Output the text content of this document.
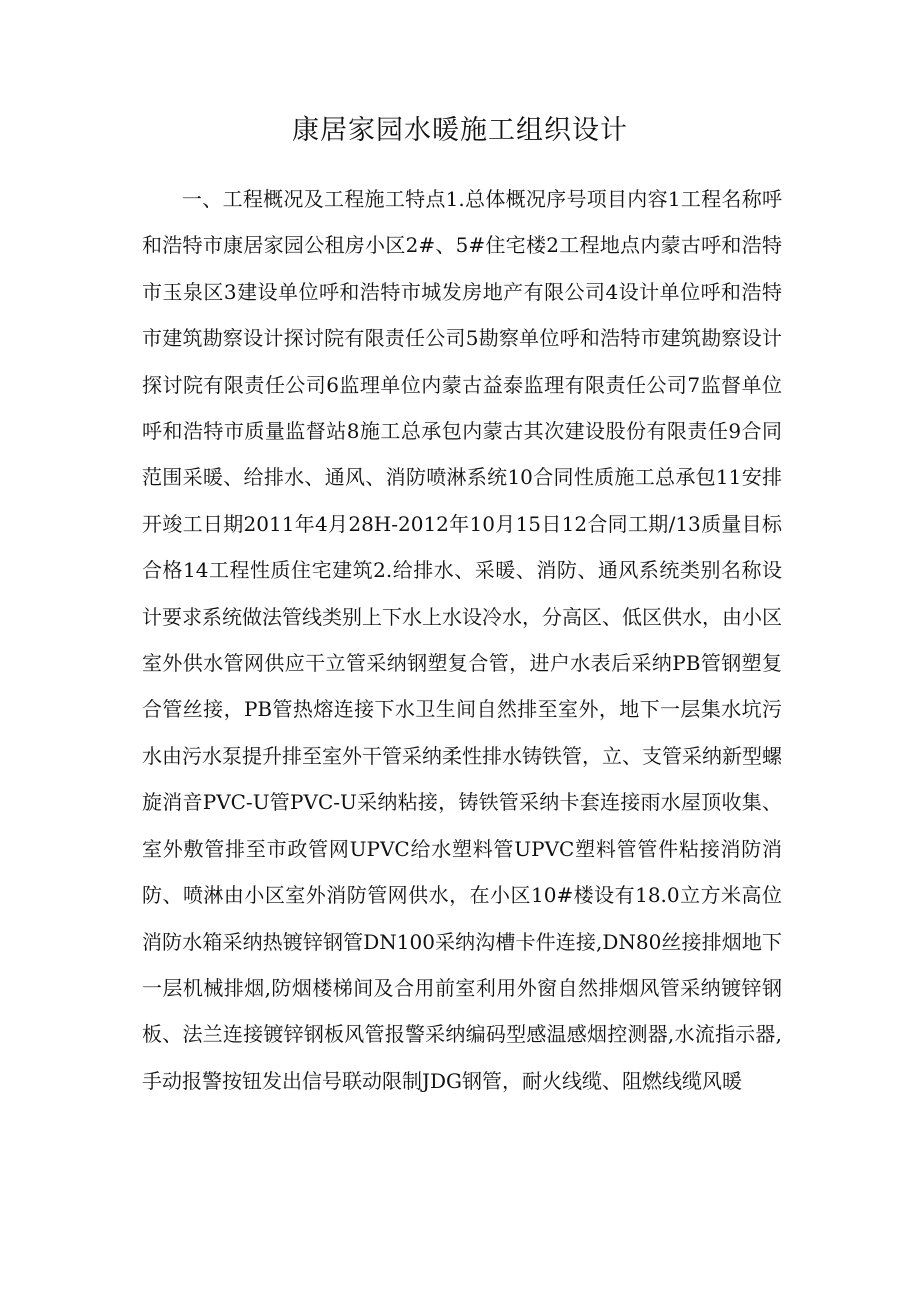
康居家园水暖施工组织设计

一、工程概况及工程施工特点1.总体概况序号项目内容1工程名称呼和浩特市康居家园公租房小区2#、5#住宅楼2工程地点内蒙古呼和浩特市玉泉区3建设单位呼和浩特市城发房地产有限公司4设计单位呼和浩特市建筑勘察设计探讨院有限责任公司5勘察单位呼和浩特市建筑勘察设计探讨院有限责任公司6监理单位内蒙古益泰监理有限责任公司7监督单位呼和浩特市质量监督站8施工总承包内蒙古其次建设股份有限责任9合同范围采暖、给排水、通风、消防喷淋系统10合同性质施工总承包11安排开竣工日期2011年4月28H-2012年10月15日12合同工期/13质量目标合格14工程性质住宅建筑2.给排水、采暖、消防、通风系统类别名称设计要求系统做法管线类别上下水上水设冷水，分高区、低区供水，由小区室外供水管网供应干立管采纳钢塑复合管，进户水表后采纳PB管钢塑复合管丝接，PB管热熔连接下水卫生间自然排至室外，地下一层集水坑污水由污水泵提升排至室外干管采纳柔性排水铸铁管，立、支管采纳新型螺旋消音PVC-U管PVC-U采纳粘接，铸铁管采纳卡套连接雨水屋顶收集、室外敷管排至市政管网UPVC给水塑料管UPVC塑料管管件粘接消防消防、喷淋由小区室外消防管网供水，在小区10#楼设有18.0立方米高位消防水箱采纳热镀锌钢管DN100采纳沟槽卡件连接,DN80丝接排烟地下一层机械排烟,防烟楼梯间及合用前室利用外窗自然排烟风管采纳镀锌钢板、法兰连接镀锌钢板风管报警采纳编码型感温感烟控测器,水流指示器,手动报警按钮发出信号联动限制JDG钢管，耐火线缆、阻燃线缆风暖
